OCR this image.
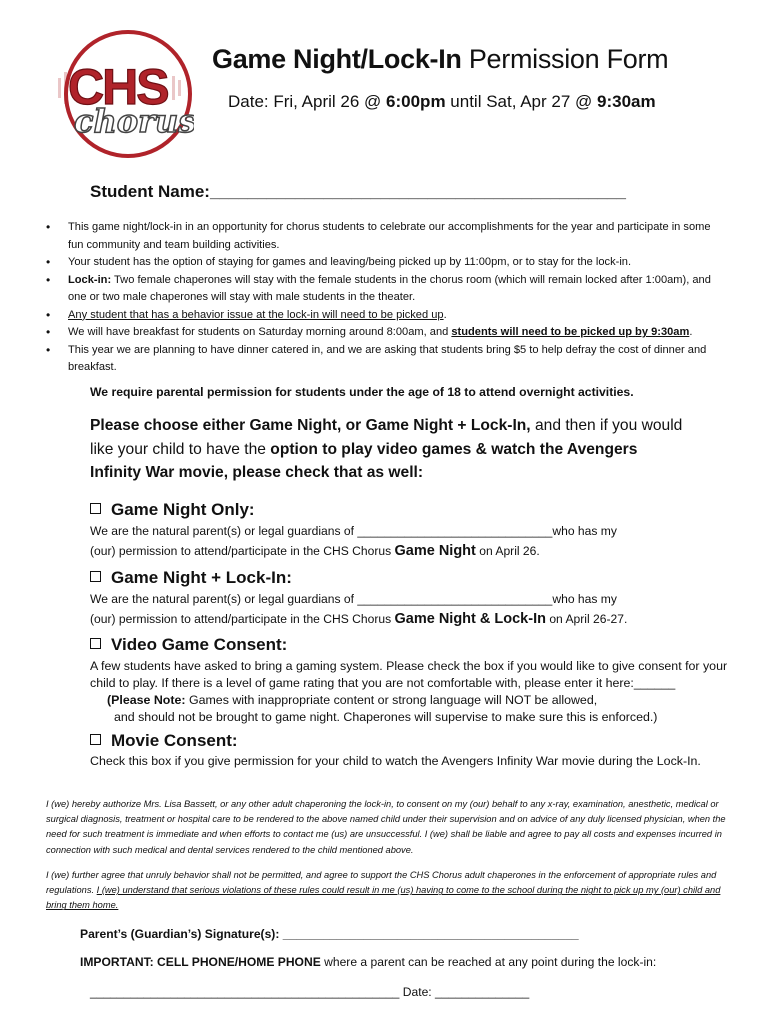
CHS
chorus
Game Night/Lock-In Permission Form
Date: Fri, April 26 @ 6:00pm until Sat, Apr 27 @ 9:30am
Student Name:____________________________________________
• This game night/lock-in in an opportunity for chorus students to celebrate our accomplishments for the year and participate in some fun community and team building activities.
• Your student has the option of staying for games and leaving/being picked up by 11:00pm, or to stay for the lock-in.
• Lock-in: Two female chaperones will stay with the female students in the chorus room (which will remain locked after 1:00am), and one or two male chaperones will stay with male students in the theater.
• Any student that has a behavior issue at the lock-in will need to be picked up.
• We will have breakfast for students on Saturday morning around 8:00am, and students will need to be picked up by 9:30am.
• This year we are planning to have dinner catered in, and we are asking that students bring $5 to help defray the cost of dinner and breakfast.
We require parental permission for students under the age of 18 to attend overnight activities.
Please choose either Game Night, or Game Night + Lock-In, and then if you would like your child to have the option to play video games & watch the Avengers Infinity War movie, please check that as well:
Game Night Only:
We are the natural parent(s) or legal guardians of _____________________________who has my
(our) permission to attend/participate in the CHS Chorus Game Night on April 26.
Game Night + Lock-In:
We are the natural parent(s) or legal guardians of _____________________________who has my
(our) permission to attend/participate in the CHS Chorus Game Night & Lock-In on April 26-27.
Video Game Consent:
A few students have asked to bring a gaming system. Please check the box if you would like to give consent for your child to play. If there is a level of game rating that you are not comfortable with, please enter it here:______
(Please Note: Games with inappropriate content or strong language will NOT be allowed,
and should not be brought to game night. Chaperones will supervise to make sure this is enforced.)
Movie Consent:
Check this box if you give permission for your child to watch the Avengers Infinity War movie during the Lock-In.
I (we) hereby authorize Mrs. Lisa Bassett, or any other adult chaperoning the lock-in, to consent on my (our) behalf to any x-ray, examination, anesthetic, medical or surgical diagnosis, treatment or hospital care to be rendered to the above named child under their supervision and on advice of any duly licensed physician, when the need for such treatment is immediate and when efforts to contact me (us) are unsuccessful. I (we) shall be liable and agree to pay all costs and expenses incurred in connection with such medical and dental services rendered to the child mentioned above.
I (we) further agree that unruly behavior shall not be permitted, and agree to support the CHS Chorus adult chaperones in the enforcement of appropriate rules and regulations. I (we) understand that serious violations of these rules could result in me (us) having to come to the school during the night to pick up my (our) child and bring them home.
Parent’s (Guardian’s) Signature(s): ____________________________________________
IMPORTANT: CELL PHONE/HOME PHONE where a parent can be reached at any point during the lock-in:
______________________________________________ Date: ______________
